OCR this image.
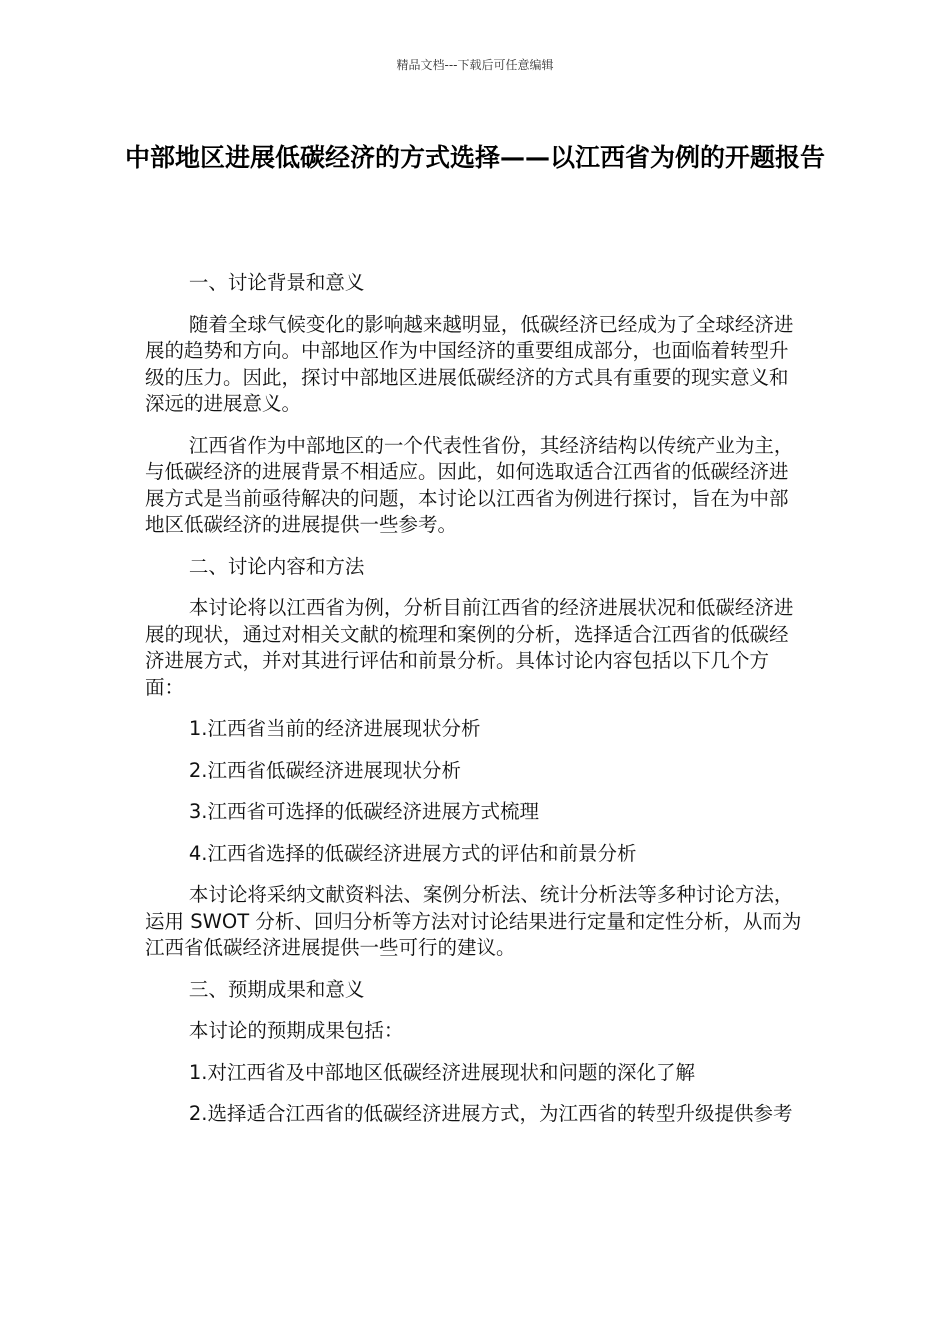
精品文档---下载后可任意编辑
中部地区进展低碳经济的方式选择——以江西省为例的开题报告

一、讨论背景和意义

随着全球气候变化的影响越来越明显，低碳经济已经成为了全球经济进展的趋势和方向。中部地区作为中国经济的重要组成部分，也面临着转型升级的压力。因此，探讨中部地区进展低碳经济的方式具有重要的现实意义和深远的进展意义。

江西省作为中部地区的一个代表性省份，其经济结构以传统产业为主，与低碳经济的进展背景不相适应。因此，如何选取适合江西省的低碳经济进展方式是当前亟待解决的问题，本讨论以江西省为例进行探讨，旨在为中部地区低碳经济的进展提供一些参考。

二、讨论内容和方法

本讨论将以江西省为例，分析目前江西省的经济进展状况和低碳经济进展的现状，通过对相关文献的梳理和案例的分析，选择适合江西省的低碳经济进展方式，并对其进行评估和前景分析。具体讨论内容包括以下几个方面：

1.江西省当前的经济进展现状分析

2.江西省低碳经济进展现状分析

3.江西省可选择的低碳经济进展方式梳理

4.江西省选择的低碳经济进展方式的评估和前景分析

本讨论将采纳文献资料法、案例分析法、统计分析法等多种讨论方法，运用 SWOT 分析、回归分析等方法对讨论结果进行定量和定性分析，从而为江西省低碳经济进展提供一些可行的建议。

三、预期成果和意义

本讨论的预期成果包括：

1.对江西省及中部地区低碳经济进展现状和问题的深化了解

2.选择适合江西省的低碳经济进展方式，为江西省的转型升级提供参考
